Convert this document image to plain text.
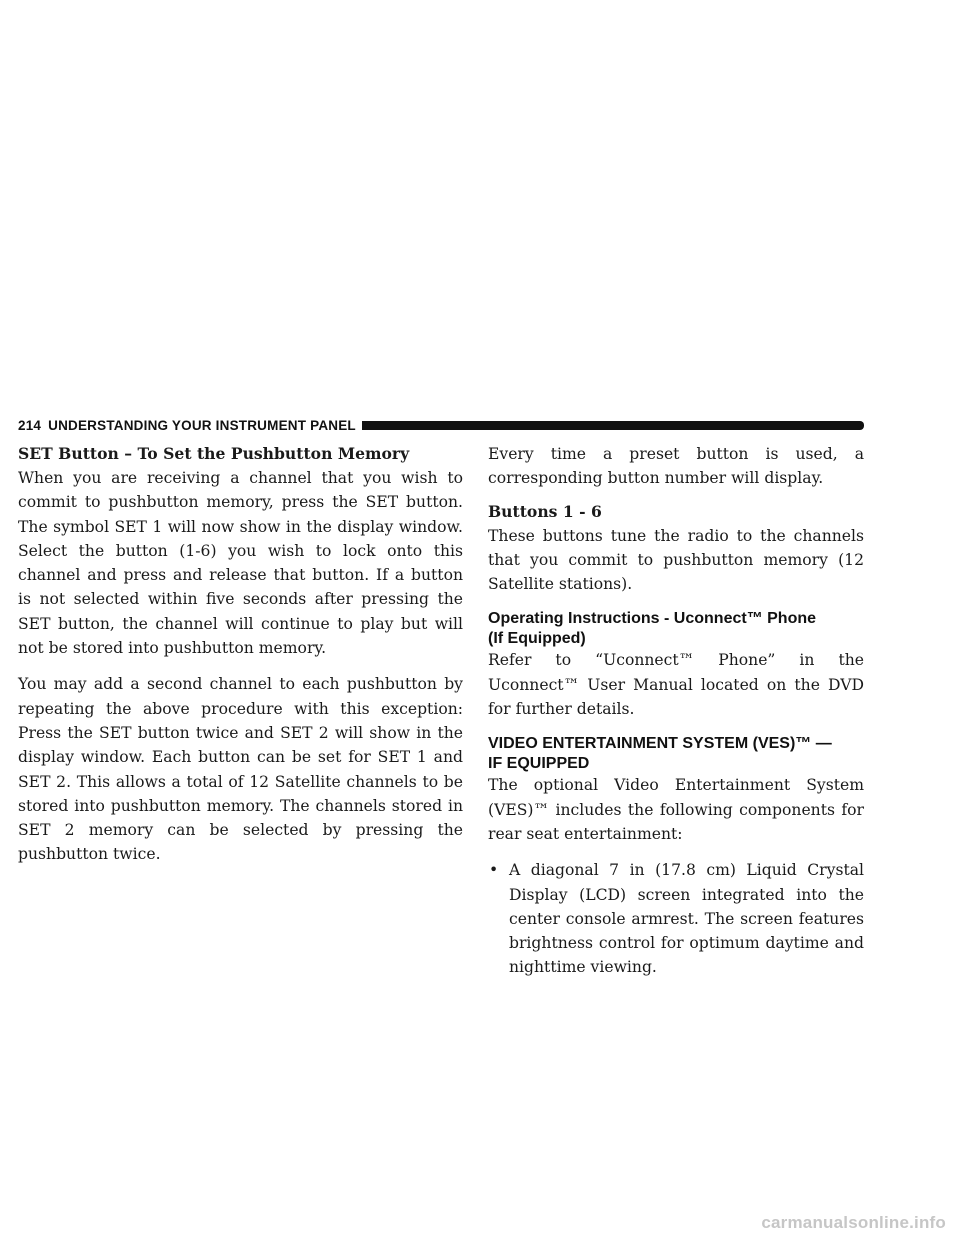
214 UNDERSTANDING YOUR INSTRUMENT PANEL
SET Button – To Set the Pushbutton Memory

When you are receiving a channel that you wish to commit to pushbutton memory, press the SET button. The symbol SET 1 will now show in the display window. Select the button (1-6) you wish to lock onto this channel and press and release that button. If a button is not selected within five seconds after pressing the SET button, the channel will continue to play but will not be stored into pushbutton memory.

You may add a second channel to each pushbutton by repeating the above procedure with this exception: Press the SET button twice and SET 2 will show in the display window. Each button can be set for SET 1 and SET 2. This allows a total of 12 Satellite channels to be stored into pushbutton memory. The channels stored in SET 2 memory can be selected by pressing the pushbutton twice.

Every time a preset button is used, a corresponding button number will display.

Buttons 1 - 6

These buttons tune the radio to the channels that you commit to pushbutton memory (12 Satellite stations).

Operating Instructions - Uconnect™ Phone
(If Equipped)

Refer to “Uconnect™ Phone” in the Uconnect™ User Manual located on the DVD for further details.

VIDEO ENTERTAINMENT SYSTEM (VES)™ —
IF EQUIPPED

The optional Video Entertainment System (VES)™ includes the following components for rear seat entertainment:

• A diagonal 7 in (17.8 cm) Liquid Crystal Display (LCD) screen integrated into the center console armrest. The screen features brightness control for optimum daytime and nighttime viewing.

carmanualsonline.info
